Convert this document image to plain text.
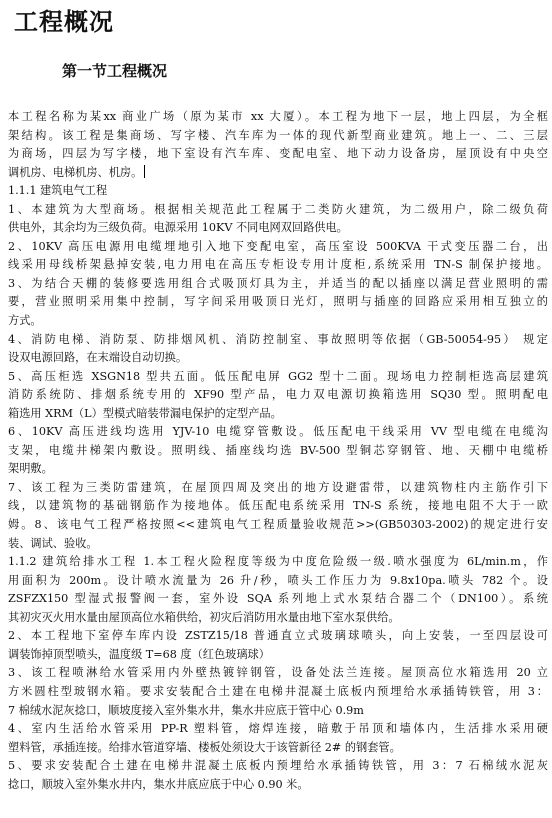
工程概况
第一节工程概况
本工程名称为某xx 商业广场（原为某市 xx 大厦）。本工程为地下一层，地上四层，为全框
架结构。该工程是集商场、写字楼、汽车库为一体的现代新型商业建筑。地上一、二、三层
为商场，四层为写字楼，地下室设有汽车库、变配电室、地下动力设备房，屋顶设有中央空
调机房、电梯机房、机房。
1.1.1 建筑电气工程
1、本建筑为大型商场。根据相关规范此工程属于二类防火建筑，为二级用户，除二级负荷
供电外，其余均为三级负荷。电源采用 10KV 不同电网双回路供电。
2、10KV 高压电源用电缆埋地引入地下变配电室，高压室设 500KVA 干式变压器二台，出
线采用母线桥架悬掉安装,电力用电在高压专柜设专用计度柜,系统采用 TN-S 制保护接地。
3、为结合天棚的装修要选用组合式吸顶灯具为主，并适当的配以插座以满足营业照明的需
要，营业照明采用集中控制，写字间采用吸顶日光灯，照明与插座的回路应采用相互独立的
方式。
4、消防电梯、消防泵、防排烟风机、消防控制室、事故照明等依据（GB-50054-95） 规定
设双电源回路，在末端设自动切换。
5、高压柜选 XSGN18 型共五面。低压配电屏 GG2 型十二面。现场电力控制柜选高层建筑
消防系统防、排烟系统专用的 XF90 型产品，电力双电源切换箱选用 SQ30 型。照明配电
箱选用 XRM（L）型模式暗装带漏电保护的定型产品。
6、10KV 高压进线均选用 YJV-10 电缆穿管敷设。低压配电干线采用 VV 型电缆在电缆沟
支架，电缆井梯架内敷设。照明线、插座线均选 BV-500 型铜芯穿钢管、地、天棚中电缆桥
架明敷。
7、该工程为三类防雷建筑，在屋顶四周及突出的地方设避雷带，以建筑物柱内主筋作引下
线，以建筑物的基础钢筋作为接地体。低压配电系统采用 TN-S 系统，接地电阻不大于一欧
姆。8、该电气工程严格按照<<建筑电气工程质量验收规范>>(GB50303-2002)的规定进行安
装、调试、验收。
1.1.2 建筑给排水工程 1.本工程火险程度等级为中度危险级一级.喷水强度为 6L/min.m，作
用面积为 200m。设计喷水流量为 26 升/秒，喷头工作压力为 9.8x10pa.喷头 782 个。设
ZSFZX150 型湿式报警阀一套，室外设 SQA 系列地上式水泵结合器二个（DN100）。系统
其初灾灭火用水量由屋顶高位水箱供给，初灾后消防用水量由地下室水泵供给。
2、本工程地下室停车库内设 ZSTZ15/18 普通直立式玻璃球喷头，向上安装，一至四层设可
调装饰掉顶型喷头，温度级 T=68 度（红色玻璃球）
3、该工程喷淋给水管采用内外壁热镀锌钢管，设备处法兰连接。屋顶高位水箱选用 20 立
方米圆柱型玻钢水箱。要求安装配合土建在电梯井混凝土底板内预埋给水承插铸铁管，用 3：
7 棉绒水泥灰捻口，顺坡度接入室外集水井，集水井应底于管中心 0.9m
4、室内生活给水管采用 PP-R 塑料管，熔焊连接，暗敷于吊顶和墙体内，生活排水采用硬
塑料管，承插连接。给排水管道穿墙、楼板处须设大于该管新径 2# 的钢套管。
5、要求安装配合土建在电梯井混凝土底板内预埋给水承插铸铁管，用 3：7 石棉绒水泥灰
捻口，顺坡入室外集水井内，集水井底应底于中心 0.90 米。
